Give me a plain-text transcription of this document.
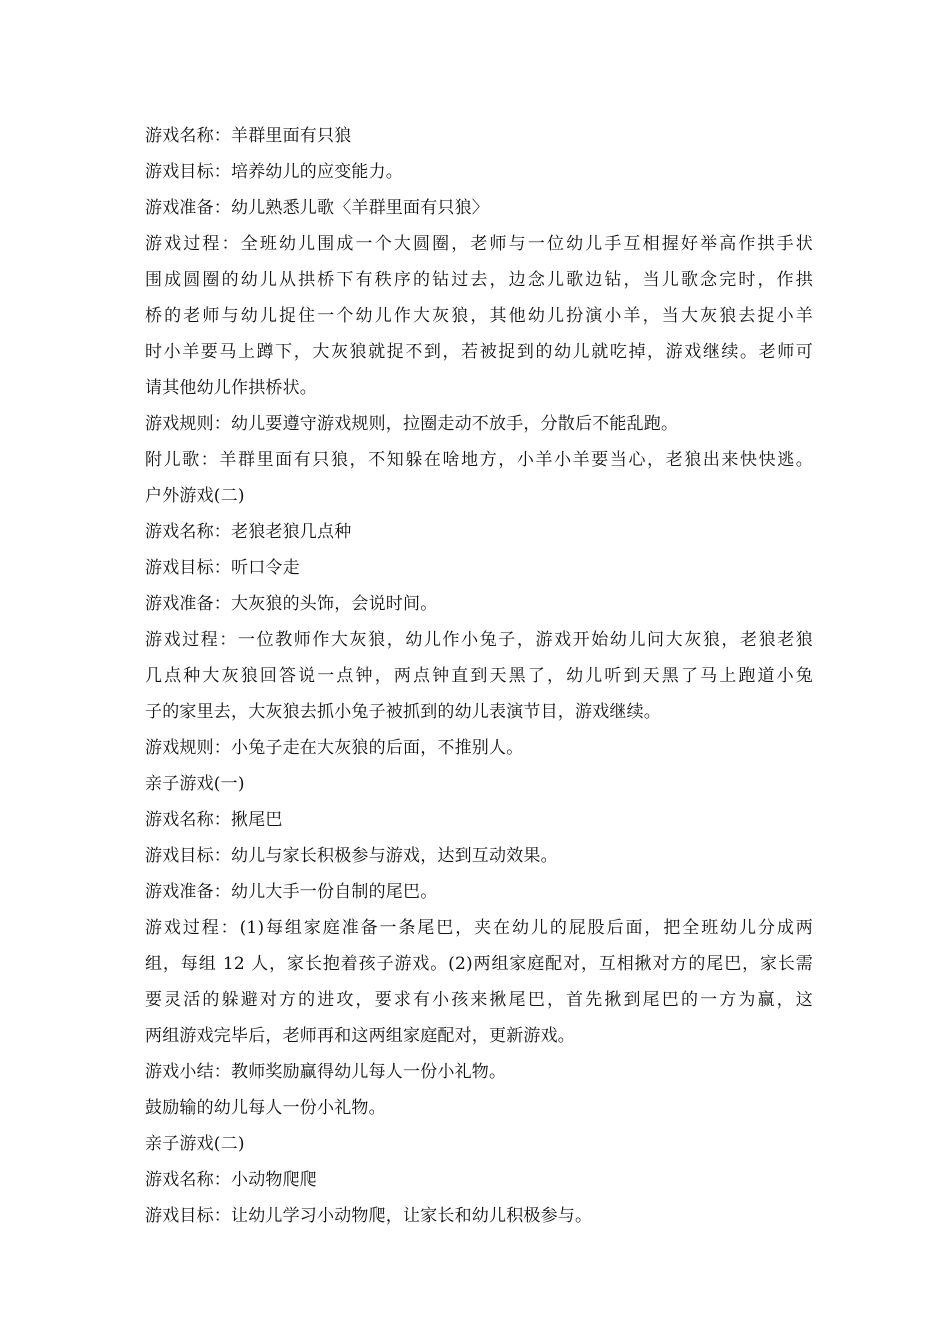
游戏名称：羊群里面有只狼
游戏目标：培养幼儿的应变能力。
游戏准备：幼儿熟悉儿歌〈羊群里面有只狼〉
游戏过程：全班幼儿围成一个大圆圈，老师与一位幼儿手互相握好举高作拱手状
围成圆圈的幼儿从拱桥下有秩序的钻过去，边念儿歌边钻，当儿歌念完时，作拱
桥的老师与幼儿捉住一个幼儿作大灰狼，其他幼儿扮演小羊，当大灰狼去捉小羊
时小羊要马上蹲下，大灰狼就捉不到，若被捉到的幼儿就吃掉，游戏继续。老师可
请其他幼儿作拱桥状。
游戏规则：幼儿要遵守游戏规则，拉圈走动不放手，分散后不能乱跑。
附儿歌：羊群里面有只狼，不知躲在啥地方，小羊小羊要当心，老狼出来快快逃。
户外游戏(二)
游戏名称：老狼老狼几点种
游戏目标：听口令走
游戏准备：大灰狼的头饰，会说时间。
游戏过程：一位教师作大灰狼，幼儿作小兔子，游戏开始幼儿问大灰狼，老狼老狼
几点种大灰狼回答说一点钟，两点钟直到天黑了，幼儿听到天黑了马上跑道小兔
子的家里去，大灰狼去抓小兔子被抓到的幼儿表演节目，游戏继续。
游戏规则：小兔子走在大灰狼的后面，不推别人。
亲子游戏(一)
游戏名称：揪尾巴
游戏目标：幼儿与家长积极参与游戏，达到互动效果。
游戏准备：幼儿大手一份自制的尾巴。
游戏过程：(1)每组家庭准备一条尾巴，夹在幼儿的屁股后面，把全班幼儿分成两
组，每组 12 人，家长抱着孩子游戏。(2)两组家庭配对，互相揪对方的尾巴，家长需
要灵活的躲避对方的进攻，要求有小孩来揪尾巴，首先揪到尾巴的一方为赢，这
两组游戏完毕后，老师再和这两组家庭配对，更新游戏。
游戏小结：教师奖励赢得幼儿每人一份小礼物。
鼓励输的幼儿每人一份小礼物。
亲子游戏(二)
游戏名称：小动物爬爬
游戏目标：让幼儿学习小动物爬，让家长和幼儿积极参与。
